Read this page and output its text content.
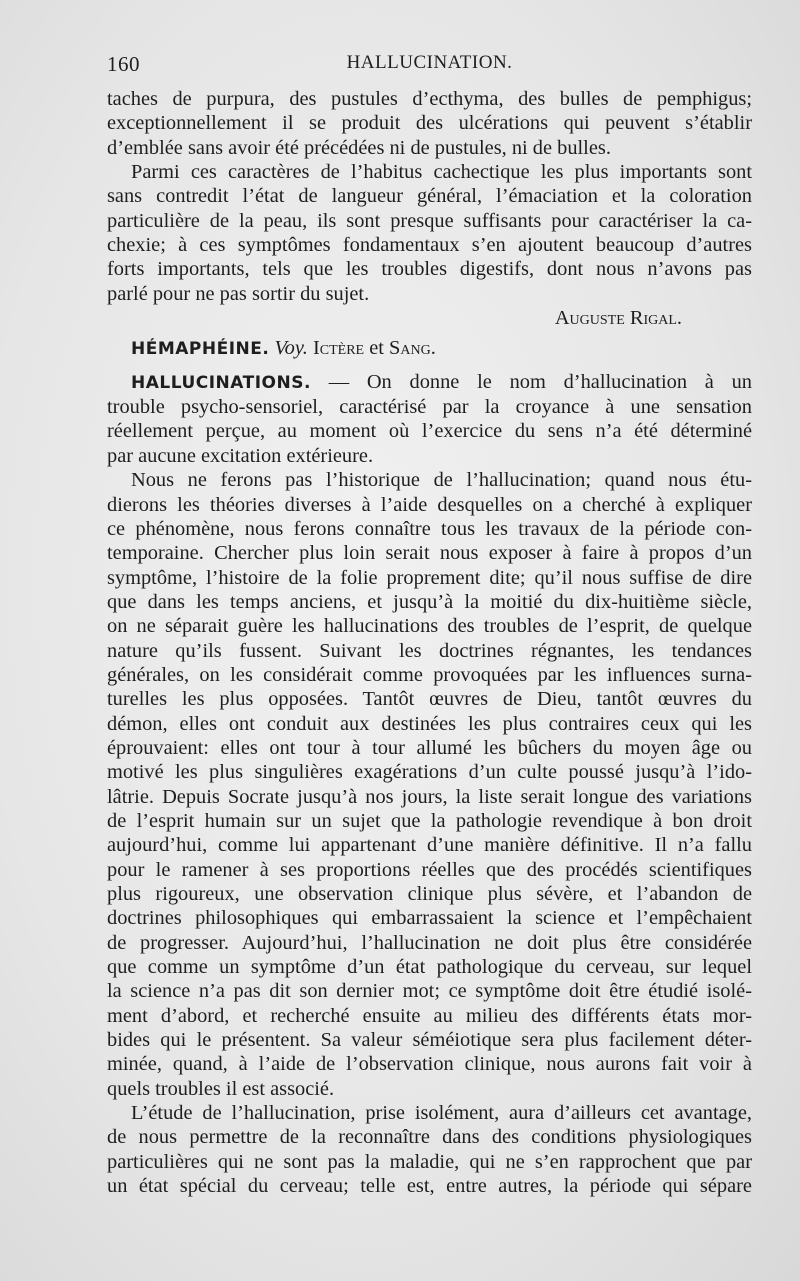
160	HALLUCINATION.
taches de purpura, des pustules d’ecthyma, des bulles de pemphigus;
exceptionnellement il se produit des ulcérations qui peuvent s’établir
d’emblée sans avoir été précédées ni de pustules, ni de bulles.
Parmi ces caractères de l’habitus cachectique les plus importants sont
sans contredit l’état de langueur général, l’émaciation et la coloration
particulière de la peau, ils sont presque suffisants pour caractériser la ca-
chexie; à ces symptômes fondamentaux s’en ajoutent beaucoup d’autres
forts importants, tels que les troubles digestifs, dont nous n’avons pas
parlé pour ne pas sortir du sujet.
Auguste Rigal.
HÉMAPHÉINE. Voy. Ictère et Sang.
HALLUCINATIONS. — On donne le nom d’hallucination à un
trouble psycho-sensoriel, caractérisé par la croyance à une sensation
réellement perçue, au moment où l’exercice du sens n’a été déterminé
par aucune excitation extérieure.
Nous ne ferons pas l’historique de l’hallucination; quand nous étu-
dierons les théories diverses à l’aide desquelles on a cherché à expliquer
ce phénomène, nous ferons connaître tous les travaux de la période con-
temporaine. Chercher plus loin serait nous exposer à faire à propos d’un
symptôme, l’histoire de la folie proprement dite; qu’il nous suffise de dire
que dans les temps anciens, et jusqu’à la moitié du dix-huitième siècle,
on ne séparait guère les hallucinations des troubles de l’esprit, de quelque
nature qu’ils fussent. Suivant les doctrines régnantes, les tendances
générales, on les considérait comme provoquées par les influences surna-
turelles les plus opposées. Tantôt œuvres de Dieu, tantôt œuvres du
démon, elles ont conduit aux destinées les plus contraires ceux qui les
éprouvaient: elles ont tour à tour allumé les bûchers du moyen âge ou
motivé les plus singulières exagérations d’un culte poussé jusqu’à l’ido-
lâtrie. Depuis Socrate jusqu’à nos jours, la liste serait longue des variations
de l’esprit humain sur un sujet que la pathologie revendique à bon droit
aujourd’hui, comme lui appartenant d’une manière définitive. Il n’a fallu
pour le ramener à ses proportions réelles que des procédés scientifiques
plus rigoureux, une observation clinique plus sévère, et l’abandon de
doctrines philosophiques qui embarrassaient la science et l’empêchaient
de progresser. Aujourd’hui, l’hallucination ne doit plus être considérée
que comme un symptôme d’un état pathologique du cerveau, sur lequel
la science n’a pas dit son dernier mot; ce symptôme doit être étudié isolé-
ment d’abord, et recherché ensuite au milieu des différents états mor-
bides qui le présentent. Sa valeur séméiotique sera plus facilement déter-
minée, quand, à l’aide de l’observation clinique, nous aurons fait voir à
quels troubles il est associé.
L’étude de l’hallucination, prise isolément, aura d’ailleurs cet avantage,
de nous permettre de la reconnaître dans des conditions physiologiques
particulières qui ne sont pas la maladie, qui ne s’en rapprochent que par
un état spécial du cerveau; telle est, entre autres, la période qui sépare
